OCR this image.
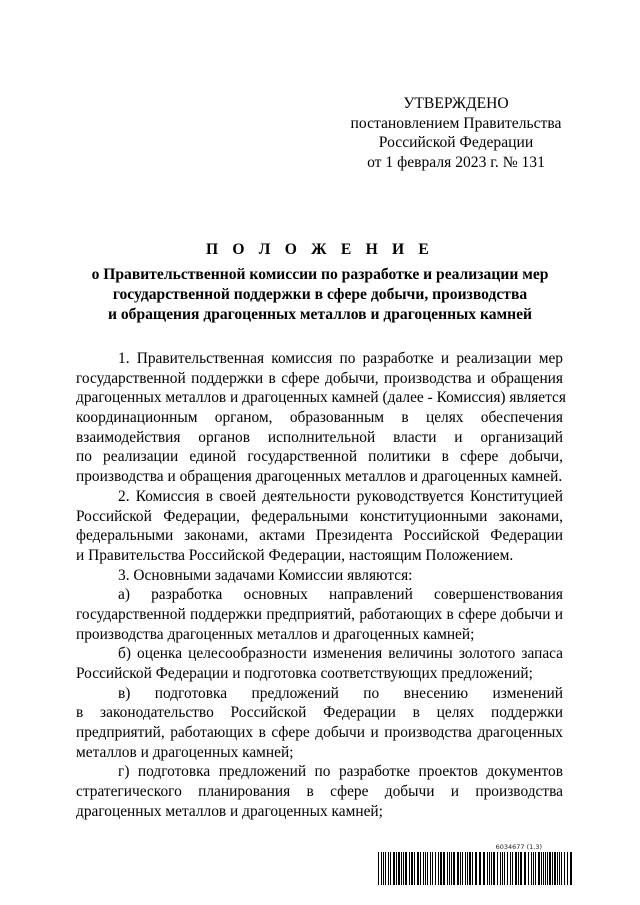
УТВЕРЖДЕНО
постановлением Правительства
Российской Федерации
от 1 февраля 2023 г. № 131
П О Л О Ж Е Н И Е
о Правительственной комиссии по разработке и реализации мер
государственной поддержки в сфере добычи, производства
и обращения драгоценных металлов и драгоценных камней
1. Правительственная комиссия по разработке и реализации мер
государственной поддержки в сфере добычи, производства и обращения
драгоценных металлов и драгоценных камней (далее - Комиссия) является
координационным органом, образованным в целях обеспечения
взаимодействия органов исполнительной власти и организаций
по реализации единой государственной политики в сфере добычи,
производства и обращения драгоценных металлов и драгоценных камней.
2. Комиссия в своей деятельности руководствуется Конституцией
Российской Федерации, федеральными конституционными законами,
федеральными законами, актами Президента Российской Федерации
и Правительства Российской Федерации, настоящим Положением.
3. Основными задачами Комиссии являются:
а) разработка основных направлений совершенствования
государственной поддержки предприятий, работающих в сфере добычи и
производства драгоценных металлов и драгоценных камней;
б) оценка целесообразности изменения величины золотого запаса
Российской Федерации и подготовка соответствующих предложений;
в) подготовка предложений по внесению изменений
в законодательство Российской Федерации в целях поддержки
предприятий, работающих в сфере добычи и производства драгоценных
металлов и драгоценных камней;
г) подготовка предложений по разработке проектов документов
стратегического планирования в сфере добычи и производства
драгоценных металлов и драгоценных камней;
6034677 (1.3)
